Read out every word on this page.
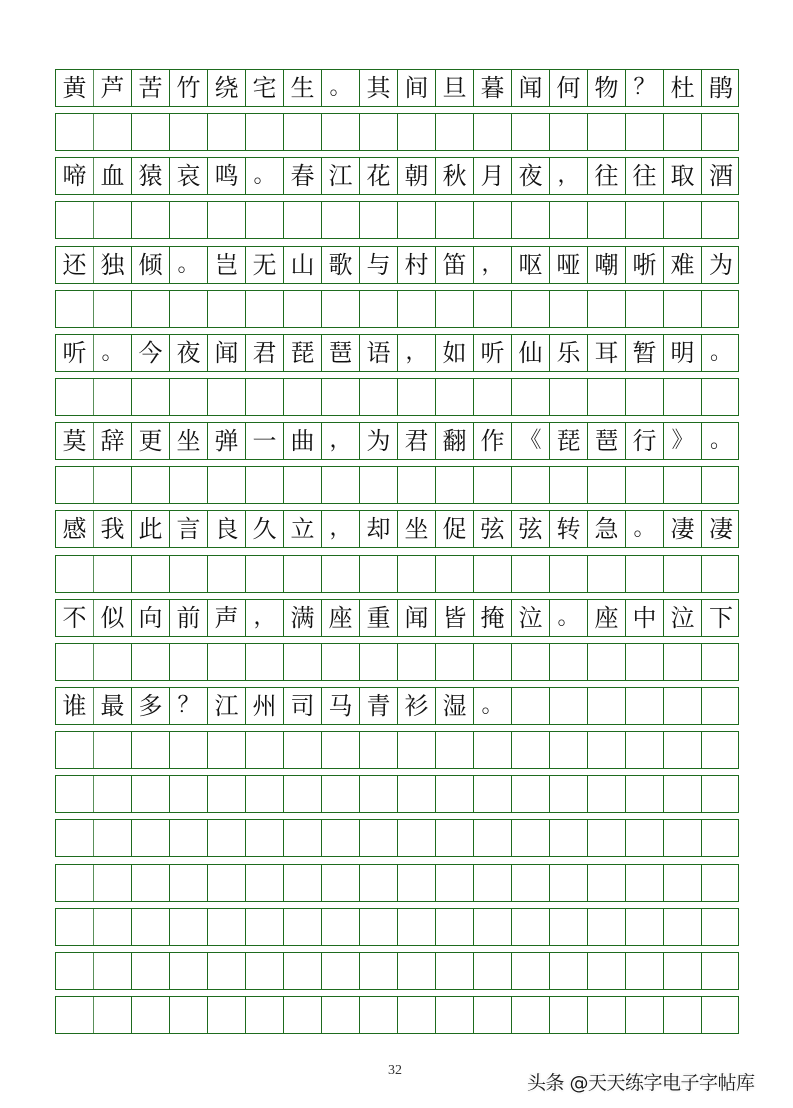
黄 芦 苦 竹 绕 宅 生 。 其 间 旦 暮 闻 何 物 ？ 杜 鹃
啼 血 猿 哀 鸣 。 春 江 花 朝 秋 月 夜 ， 往 往 取 酒
还 独 倾 。 岂 无 山 歌 与 村 笛 ， 呕 哑 嘲 哳 难 为
听 。 今 夜 闻 君 琵 琶 语 ， 如 听 仙 乐 耳 暂 明 。
莫 辞 更 坐 弹 一 曲 ， 为 君 翻 作 《 琵 琶 行 》 。
感 我 此 言 良 久 立 ， 却 坐 促 弦 弦 转 急 。 凄 凄
不 似 向 前 声 ， 满 座 重 闻 皆 掩 泣 。 座 中 泣 下
谁 最 多 ？ 江 州 司 马 青 衫 湿 。
32
头条 @天天练字电子字帖库
